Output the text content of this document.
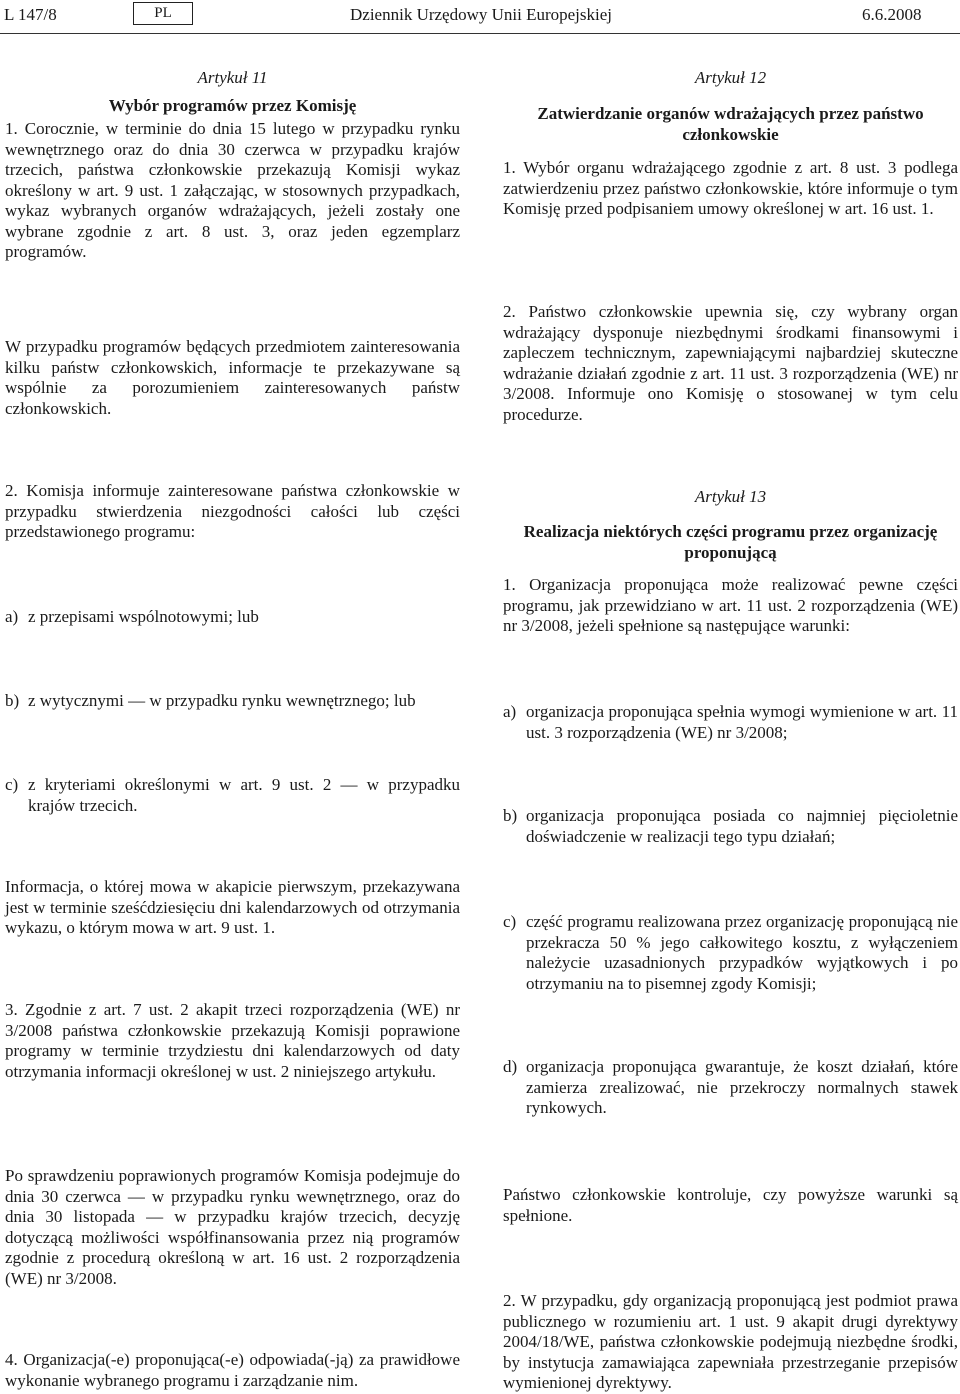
L 147/8	PL	Dziennik Urzędowy Unii Europejskiej	6.6.2008
Artykuł 11
Wybór programów przez Komisję

1. Corocznie, w terminie do dnia 15 lutego w przypadku rynku wewnętrznego oraz do dnia 30 czerwca w przypadku krajów trzecich, państwa członkowskie przekazują Komisji wykaz określony w art. 9 ust. 1 załączając, w stosownych przypadkach, wykaz wybranych organów wdrażających, jeżeli zostały one wybrane zgodnie z art. 8 ust. 3, oraz jeden egzemplarz programów.

W przypadku programów będących przedmiotem zainteresowania kilku państw członkowskich, informacje te przekazywane są wspólnie za porozumieniem zainteresowanych państw członkowskich.

2. Komisja informuje zainteresowane państwa członkowskie w przypadku stwierdzenia niezgodności całości lub części przedstawionego programu:

a) z przepisami wspólnotowymi; lub
b) z wytycznymi — w przypadku rynku wewnętrznego; lub
c) z kryteriami określonymi w art. 9 ust. 2 — w przypadku krajów trzecich.

Informacja, o której mowa w akapicie pierwszym, przekazywana jest w terminie sześćdziesięciu dni kalendarzowych od otrzymania wykazu, o którym mowa w art. 9 ust. 1.

3. Zgodnie z art. 7 ust. 2 akapit trzeci rozporządzenia (WE) nr 3/2008 państwa członkowskie przekazują Komisji poprawione programy w terminie trzydziestu dni kalendarzowych od daty otrzymania informacji określonej w ust. 2 niniejszego artykułu.

Po sprawdzeniu poprawionych programów Komisja podejmuje do dnia 30 czerwca — w przypadku rynku wewnętrznego, oraz do dnia 30 listopada — w przypadku krajów trzecich, decyzję dotyczącą możliwości współfinansowania przez nią programów zgodnie z procedurą określoną w art. 16 ust. 2 rozporządzenia (WE) nr 3/2008.

4. Organizacja(-e) proponująca(-e) odpowiada(-ją) za prawidłowe wykonanie wybranego programu i zarządzanie nim.

Artykuł 12
Zatwierdzanie organów wdrażających przez państwo członkowskie

1. Wybór organu wdrażającego zgodnie z art. 8 ust. 3 podlega zatwierdzeniu przez państwo członkowskie, które informuje o tym Komisję przed podpisaniem umowy określonej w art. 16 ust. 1.

2. Państwo członkowskie upewnia się, czy wybrany organ wdrażający dysponuje niezbędnymi środkami finansowymi i zapleczem technicznym, zapewniającymi najbardziej skuteczne wdrażanie działań zgodnie z art. 11 ust. 3 rozporządzenia (WE) nr 3/2008. Informuje ono Komisję o stosowanej w tym celu procedurze.

Artykuł 13
Realizacja niektórych części programu przez organizację proponującą

1. Organizacja proponująca może realizować pewne części programu, jak przewidziano w art. 11 ust. 2 rozporządzenia (WE) nr 3/2008, jeżeli spełnione są następujące warunki:

a) organizacja proponująca spełnia wymogi wymienione w art. 11 ust. 3 rozporządzenia (WE) nr 3/2008;
b) organizacja proponująca posiada co najmniej pięcioletnie doświadczenie w realizacji tego typu działań;
c) część programu realizowana przez organizację proponującą nie przekracza 50 % jego całkowitego kosztu, z wyłączeniem należycie uzasadnionych przypadków wyjątkowych i po otrzymaniu na to pisemnej zgody Komisji;
d) organizacja proponująca gwarantuje, że koszt działań, które zamierza zrealizować, nie przekroczy normalnych stawek rynkowych.

Państwo członkowskie kontroluje, czy powyższe warunki są spełnione.

2. W przypadku, gdy organizacją proponującą jest podmiot prawa publicznego w rozumieniu art. 1 ust. 9 akapit drugi dyrektywy 2004/18/WE, państwa członkowskie podejmują niezbędne środki, by instytucja zamawiająca zapewniała przestrzeganie przepisów wymienionej dyrektywy.
